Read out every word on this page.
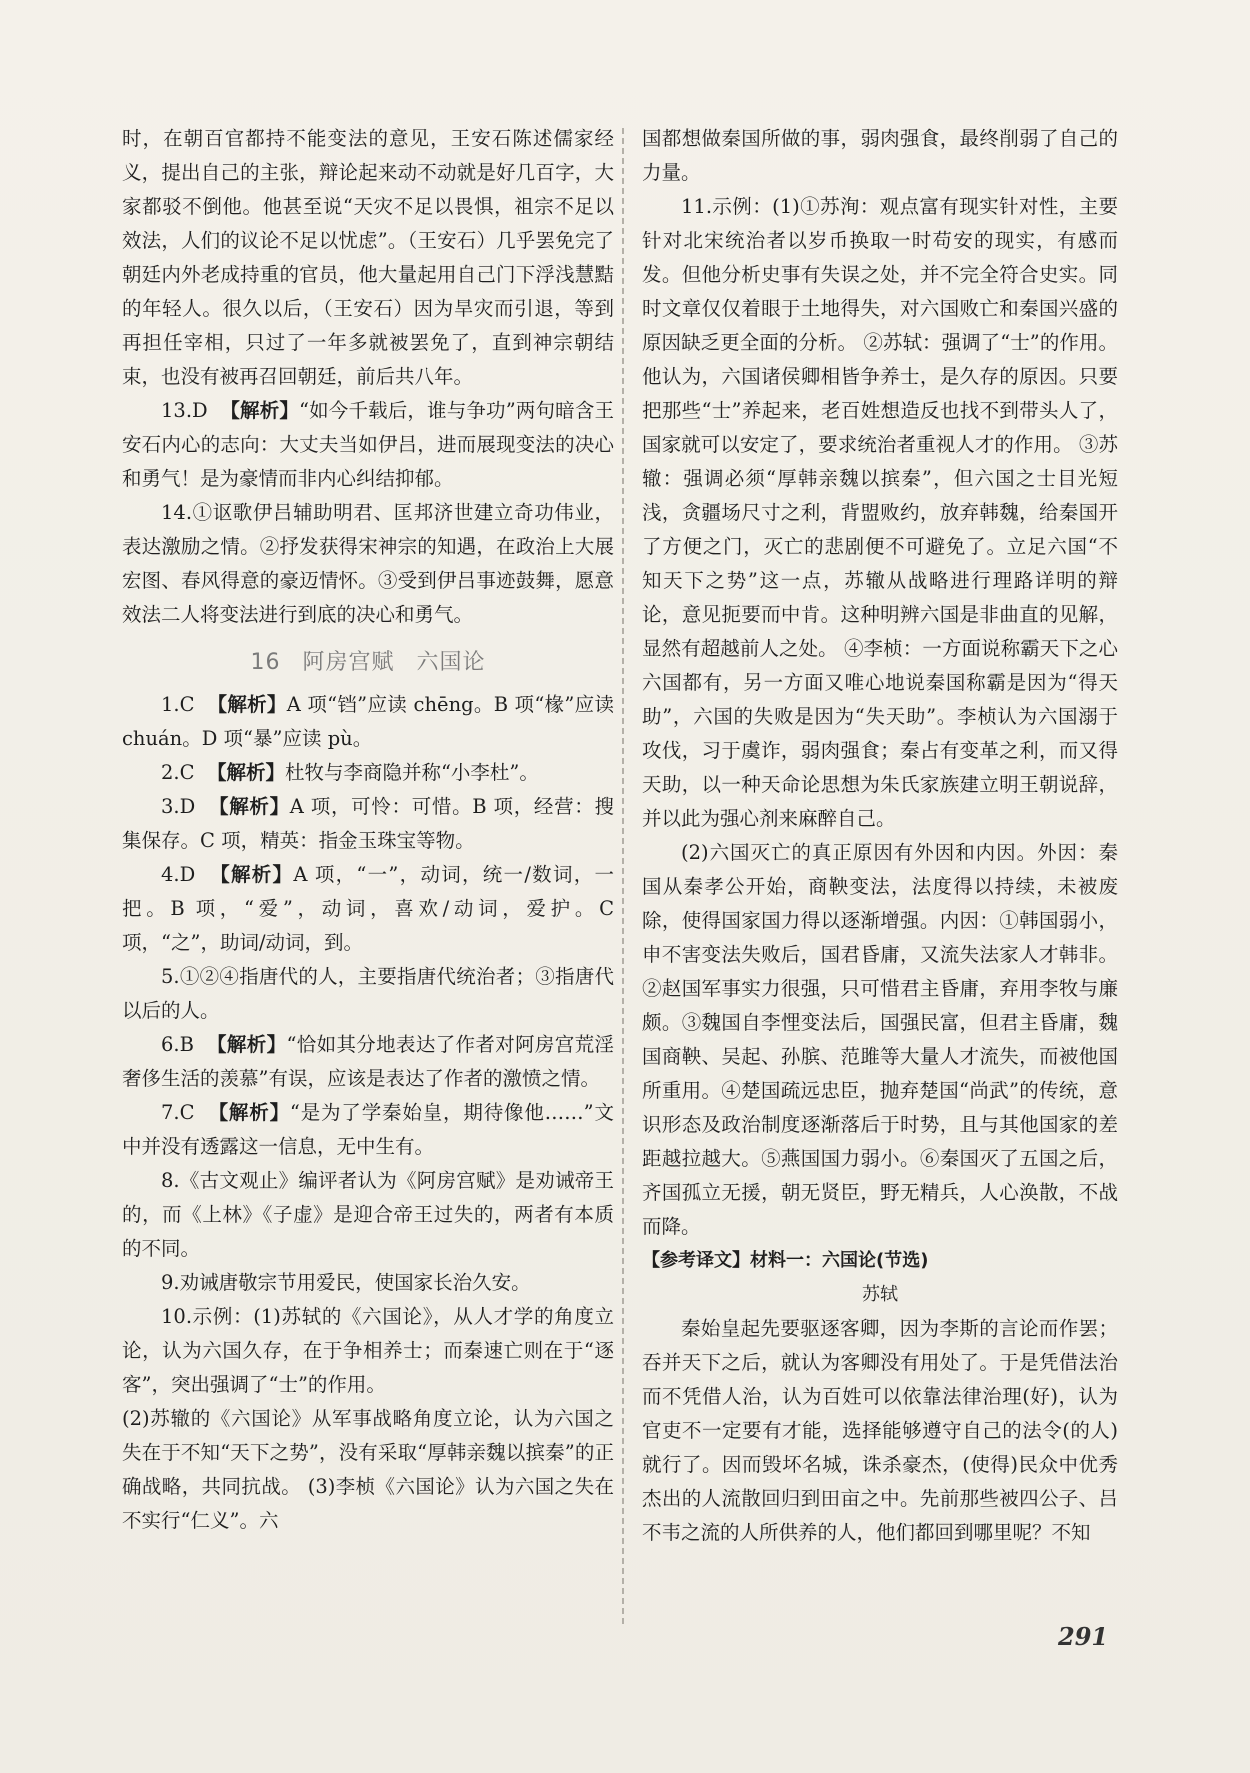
时，在朝百官都持不能变法的意见，王安石陈述儒家经义，提出自己的主张，辩论起来动不动就是好几百字，大家都驳不倒他。他甚至说“天灾不足以畏惧，祖宗不足以效法，人们的议论不足以忧虑”。（王安石）几乎罢免完了朝廷内外老成持重的官员，他大量起用自己门下浮浅慧黠的年轻人。很久以后，（王安石）因为旱灾而引退，等到再担任宰相，只过了一年多就被罢免了，直到神宗朝结束，也没有被再召回朝廷，前后共八年。

13.D 【解析】“如今千载后，谁与争功”两句暗含王安石内心的志向：大丈夫当如伊吕，进而展现变法的决心和勇气！是为豪情而非内心纠结抑郁。

14.①讴歌伊吕辅助明君、匡邦济世建立奇功伟业，表达激励之情。②抒发获得宋神宗的知遇，在政治上大展宏图、春风得意的豪迈情怀。③受到伊吕事迹鼓舞，愿意效法二人将变法进行到底的决心和勇气。

16 阿房宫赋 六国论

1.C 【解析】A 项“铛”应读 chēng。B 项“椽”应读 chuán。D 项“暴”应读 pù。

2.C 【解析】杜牧与李商隐并称“小李杜”。

3.D 【解析】A 项，可怜：可惜。B 项，经营：搜集保存。C 项，精英：指金玉珠宝等物。

4.D 【解析】A 项，“一”，动词，统一/数词，一把。B 项，“爱”，动词，喜欢/动词，爱护。C 项，“之”，助词/动词，到。

5.①②④指唐代的人，主要指唐代统治者；③指唐代以后的人。

6.B 【解析】“恰如其分地表达了作者对阿房宫荒淫奢侈生活的羡慕”有误，应该是表达了作者的激愤之情。

7.C 【解析】“是为了学秦始皇，期待像他……”文中并没有透露这一信息，无中生有。

8.《古文观止》编评者认为《阿房宫赋》是劝诫帝王的，而《上林》《子虚》是迎合帝王过失的，两者有本质的不同。

9.劝诫唐敬宗节用爱民，使国家长治久安。

10.示例：(1)苏轼的《六国论》，从人才学的角度立论，认为六国久存，在于争相养士；而秦速亡则在于“逐客”，突出强调了“士”的作用。

(2)苏辙的《六国论》从军事战略角度立论，认为六国之失在于不知“天下之势”，没有采取“厚韩亲魏以摈秦”的正确战略，共同抗战。 (3)李桢《六国论》认为六国之失在不实行“仁义”。六

国都想做秦国所做的事，弱肉强食，最终削弱了自己的力量。

11.示例：(1)①苏洵：观点富有现实针对性，主要针对北宋统治者以岁币换取一时苟安的现实，有感而发。但他分析史事有失误之处，并不完全符合史实。同时文章仅仅着眼于土地得失，对六国败亡和秦国兴盛的原因缺乏更全面的分析。 ②苏轼：强调了“士”的作用。他认为，六国诸侯卿相皆争养士，是久存的原因。只要把那些“士”养起来，老百姓想造反也找不到带头人了，国家就可以安定了，要求统治者重视人才的作用。 ③苏辙：强调必须“厚韩亲魏以摈秦”，但六国之士目光短浅，贪疆场尺寸之利，背盟败约，放弃韩魏，给秦国开了方便之门，灭亡的悲剧便不可避免了。立足六国“不知天下之势”这一点，苏辙从战略进行理路详明的辩论，意见扼要而中肯。这种明辨六国是非曲直的见解，显然有超越前人之处。 ④李桢：一方面说称霸天下之心六国都有，另一方面又唯心地说秦国称霸是因为“得天助”，六国的失败是因为“失天助”。李桢认为六国溺于攻伐，习于虞诈，弱肉强食；秦占有变革之利，而又得天助，以一种天命论思想为朱氏家族建立明王朝说辞，并以此为强心剂来麻醉自己。

(2)六国灭亡的真正原因有外因和内因。外因：秦国从秦孝公开始，商鞅变法，法度得以持续，未被废除，使得国家国力得以逐渐增强。内因：①韩国弱小，申不害变法失败后，国君昏庸，又流失法家人才韩非。②赵国军事实力很强，只可惜君主昏庸，弃用李牧与廉颇。③魏国自李悝变法后，国强民富，但君主昏庸，魏国商鞅、吴起、孙膑、范雎等大量人才流失，而被他国所重用。④楚国疏远忠臣，抛弃楚国“尚武”的传统，意识形态及政治制度逐渐落后于时势，且与其他国家的差距越拉越大。⑤燕国国力弱小。⑥秦国灭了五国之后，齐国孤立无援，朝无贤臣，野无精兵，人心涣散，不战而降。

【参考译文】材料一：六国论(节选)

苏轼

秦始皇起先要驱逐客卿，因为李斯的言论而作罢；吞并天下之后，就认为客卿没有用处了。于是凭借法治而不凭借人治，认为百姓可以依靠法律治理(好)，认为官吏不一定要有才能，选择能够遵守自己的法令(的人)就行了。因而毁坏名城，诛杀豪杰，(使得)民众中优秀杰出的人流散回归到田亩之中。先前那些被四公子、吕不韦之流的人所供养的人，他们都回到哪里呢？不知

291
